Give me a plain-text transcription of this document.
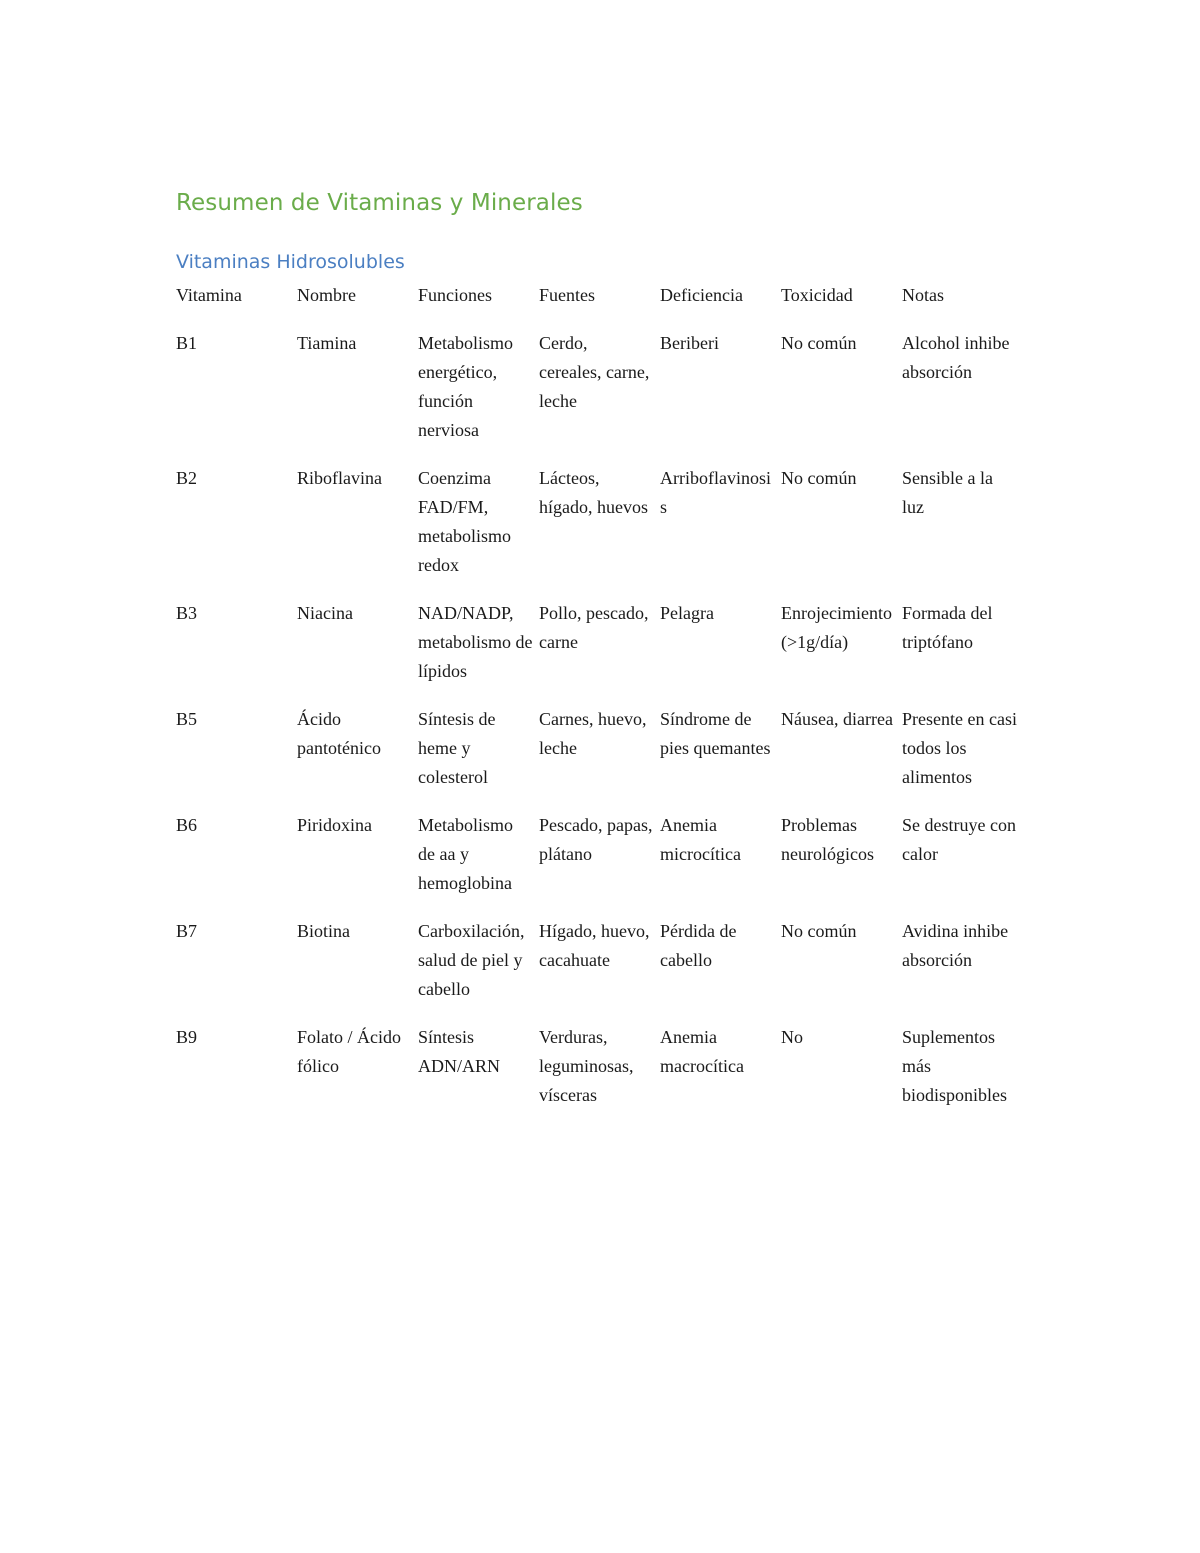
Resumen de Vitaminas y Minerales
Vitaminas Hidrosolubles
Vitamina	Nombre	Funciones	Fuentes	Deficiencia	Toxicidad	Notas
B1	Tiamina	Metabolismo energético, función nerviosa	Cerdo, cereales, carne, leche	Beriberi	No común	Alcohol inhibe absorción
B2	Riboflavina	Coenzima FAD/FM, metabolismo redox	Lácteos, hígado, huevos	Arriboflavinosis	No común	Sensible a la luz
B3	Niacina	NAD/NADP, metabolismo de lípidos	Pollo, pescado, carne	Pelagra	Enrojecimiento (>1g/día)	Formada del triptófano
B5	Ácido pantoténico	Síntesis de heme y colesterol	Carnes, huevo, leche	Síndrome de pies quemantes	Náusea, diarrea	Presente en casi todos los alimentos
B6	Piridoxina	Metabolismo de aa y hemoglobina	Pescado, papas, plátano	Anemia microcítica	Problemas neurológicos	Se destruye con calor
B7	Biotina	Carboxilación, salud de piel y cabello	Hígado, huevo, cacahuate	Pérdida de cabello	No común	Avidina inhibe absorción
B9	Folato / Ácido fólico	Síntesis ADN/ARN	Verduras, leguminosas, vísceras	Anemia macrocítica	No	Suplementos más biodisponibles
